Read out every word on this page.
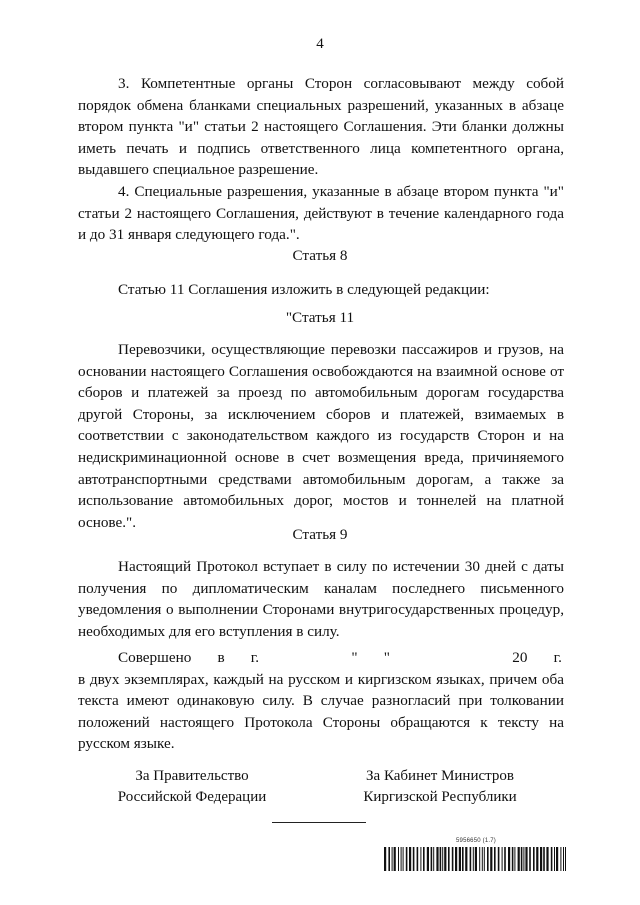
4

3. Компетентные органы Сторон согласовывают между собой порядок обмена бланками специальных разрешений, указанных в абзаце втором пункта "и" статьи 2 настоящего Соглашения. Эти бланки должны иметь печать и подпись ответственного лица компетентного органа, выдавшего специальное разрешение.

4. Специальные разрешения, указанные в абзаце втором пункта "и" статьи 2 настоящего Соглашения, действуют в течение календарного года и до 31 января следующего года.".

Статья 8

Статью 11 Соглашения изложить в следующей редакции:

"Статья 11

Перевозчики, осуществляющие перевозки пассажиров и грузов, на основании настоящего Соглашения освобождаются на взаимной основе от сборов и платежей за проезд по автомобильным дорогам государства другой Стороны, за исключением сборов и платежей, взимаемых в соответствии с законодательством каждого из государств Сторон и на недискриминационной основе в счет возмещения вреда, причиняемого автотранспортными средствами автомобильным дорогам, а также за использование автомобильных дорог, мостов и тоннелей на платной основе.".

Статья 9

Настоящий Протокол вступает в силу по истечении 30 дней с даты получения по дипломатическим каналам последнего письменного уведомления о выполнении Сторонами внутригосударственных процедур, необходимых для его вступления в силу.

Совершено в г.	" "	20 г.

в двух экземплярах, каждый на русском и киргизском языках, причем оба текста имеют одинаковую силу. В случае разногласий при толковании положений настоящего Протокола Стороны обращаются к тексту на русском языке.

За Правительство
Российской Федерации
За Кабинет Министров
Киргизской Республики
5956650 (1.7)
